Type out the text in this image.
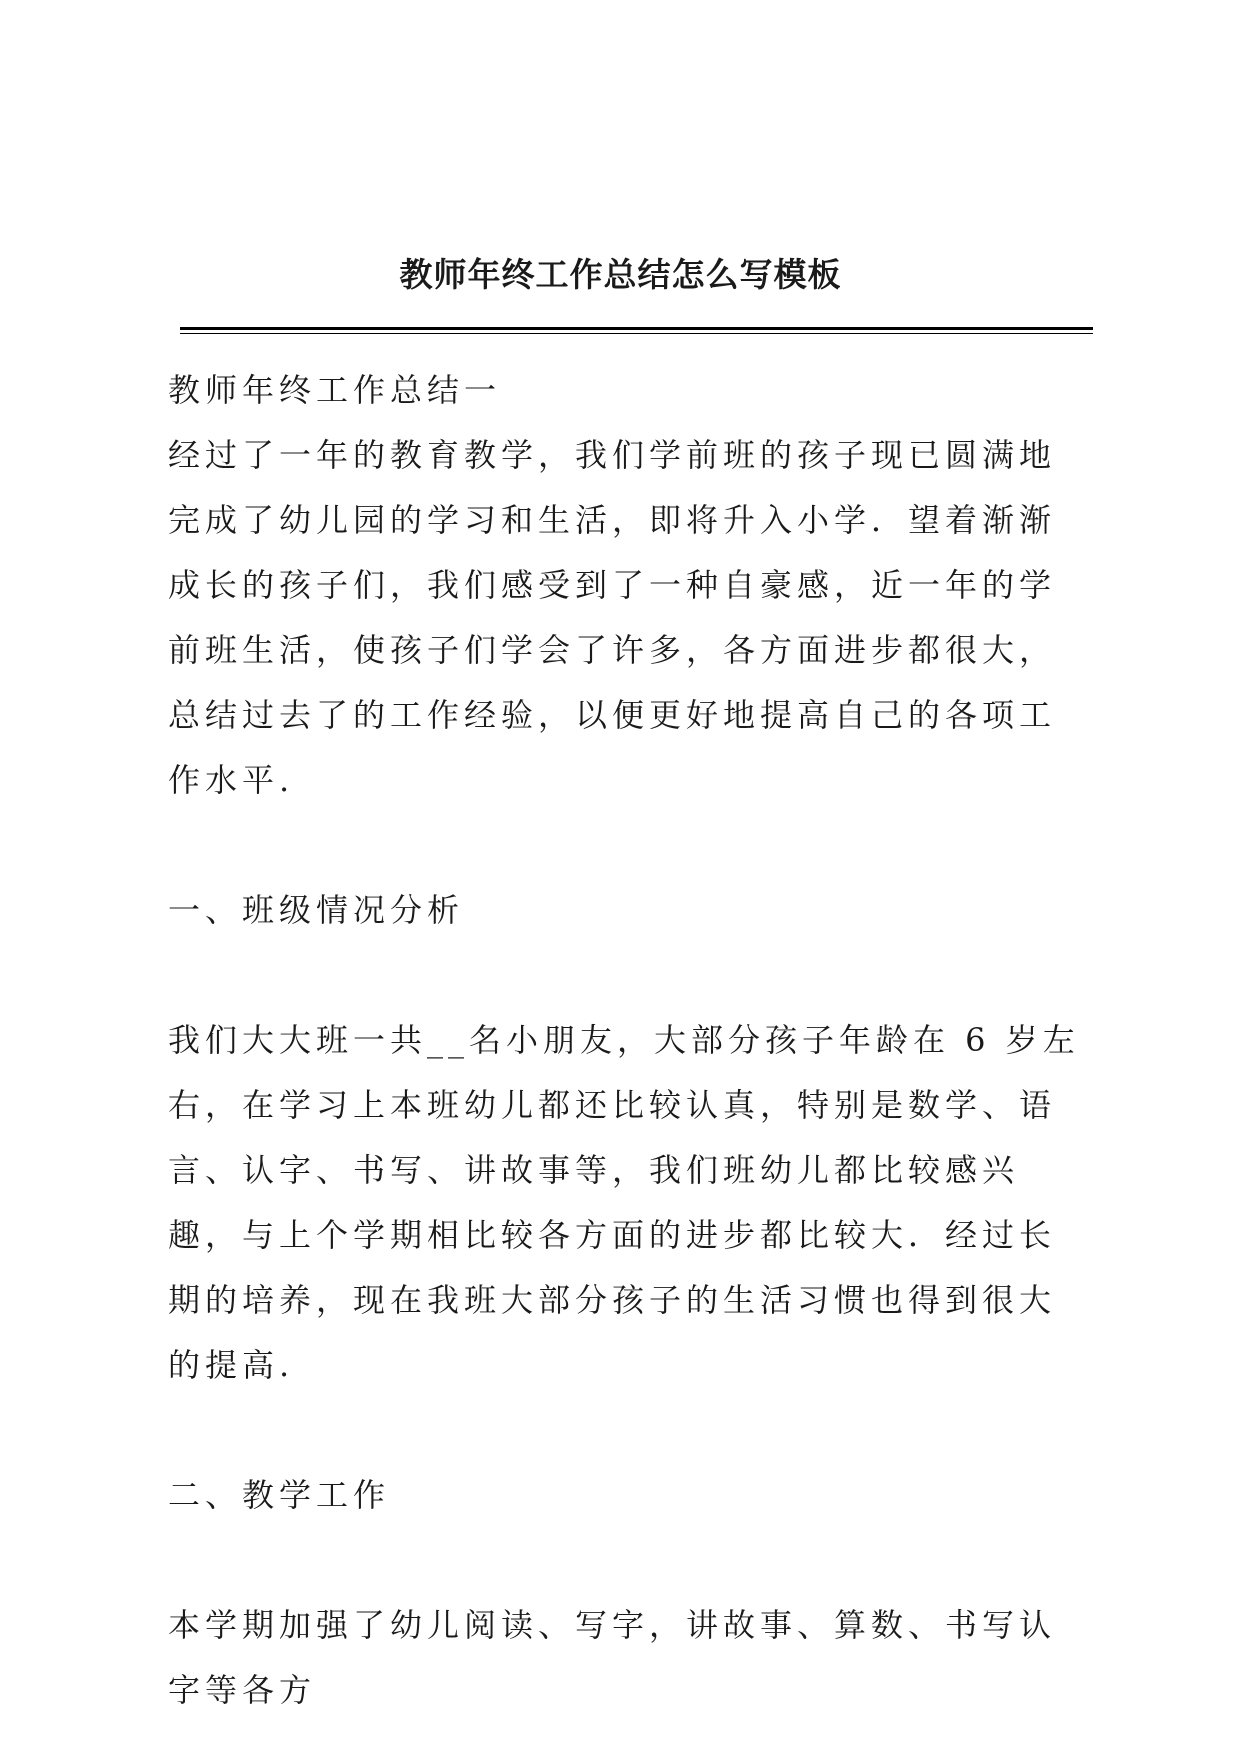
教师年终工作总结怎么写模板

教师年终工作总结一

经过了一年的教育教学，我们学前班的孩子现已圆满地完成了幼儿园的学习和生活，即将升入小学．望着渐渐成长的孩子们，我们感受到了一种自豪感，近一年的学前班生活，使孩子们学会了许多，各方面进步都很大，总结过去了的工作经验，以便更好地提高自己的各项工作水平.

一、班级情况分析

我们大大班一共__名小朋友，大部分孩子年龄在 6 岁左右，在学习上本班幼儿都还比较认真，特别是数学、语言、认字、书写、讲故事等，我们班幼儿都比较感兴趣，与上个学期相比较各方面的进步都比较大．经过长期的培养，现在我班大部分孩子的生活习惯也得到很大的提高.

二、教学工作

本学期加强了幼儿阅读、写字，讲故事、算数、书写认字等各方
